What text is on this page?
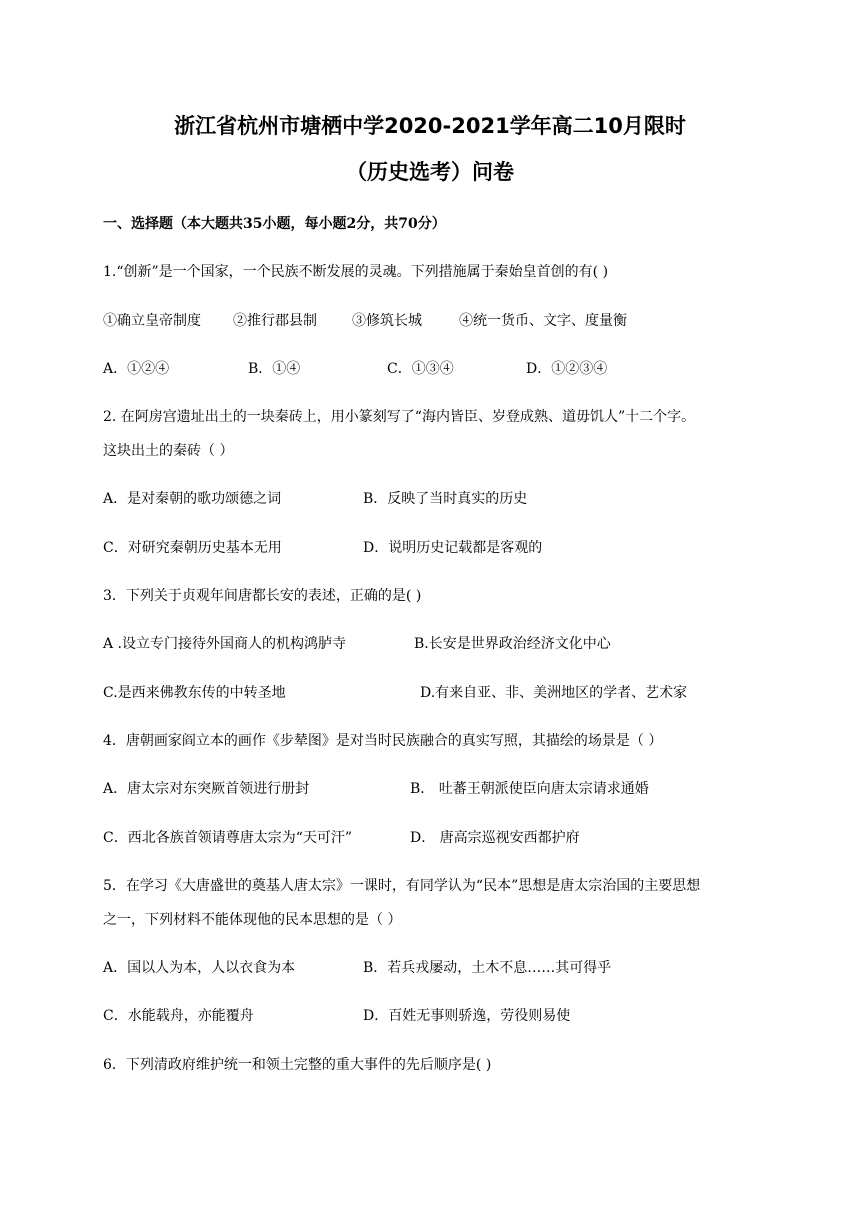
浙江省杭州市塘栖中学2020-2021学年高二10月限时
（历史选考）问卷
一、选择题（本大题共35小题，每小题2分，共70分）
1.“创新”是一个国家，一个民族不断发展的灵魂。下列措施属于秦始皇首创的有( )
①确立皇帝制度 ②推行郡县制	③修筑长城	④统一货币、文字、度量衡
A．①②④	B．①④	C．①③④	D．①②③④
2. 在阿房宫遗址出土的一块秦砖上，用小篆刻写了“海内皆臣、岁登成熟、道毋饥人”十二个字。
这块出土的秦砖（ ）
A．是对秦朝的歌功颂德之词	B．反映了当时真实的历史
C．对研究秦朝历史基本无用	D．说明历史记载都是客观的
3．下列关于贞观年间唐都长安的表述，正确的是( )
A .设立专门接待外国商人的机构鸿胪寺	B.长安是世界政治经济文化中心
C.是西来佛教东传的中转圣地	D.有来自亚、非、美洲地区的学者、艺术家
4．唐朝画家阎立本的画作《步辇图》是对当时民族融合的真实写照，其描绘的场景是（ ）
A．唐太宗对东突厥首领进行册封	B． 吐蕃王朝派使臣向唐太宗请求通婚
C．西北各族首领请尊唐太宗为“天可汗”	D． 唐高宗巡视安西都护府
5．在学习《大唐盛世的奠基人唐太宗》一课时，有同学认为“民本”思想是唐太宗治国的主要思想
之一，下列材料不能体现他的民本思想的是（ ）
A．国以人为本，人以衣食为本	B．若兵戎屡动，土木不息……其可得乎
C．水能载舟，亦能覆舟	D．百姓无事则骄逸，劳役则易使
6．下列清政府维护统一和领土完整的重大事件的先后顺序是( )
